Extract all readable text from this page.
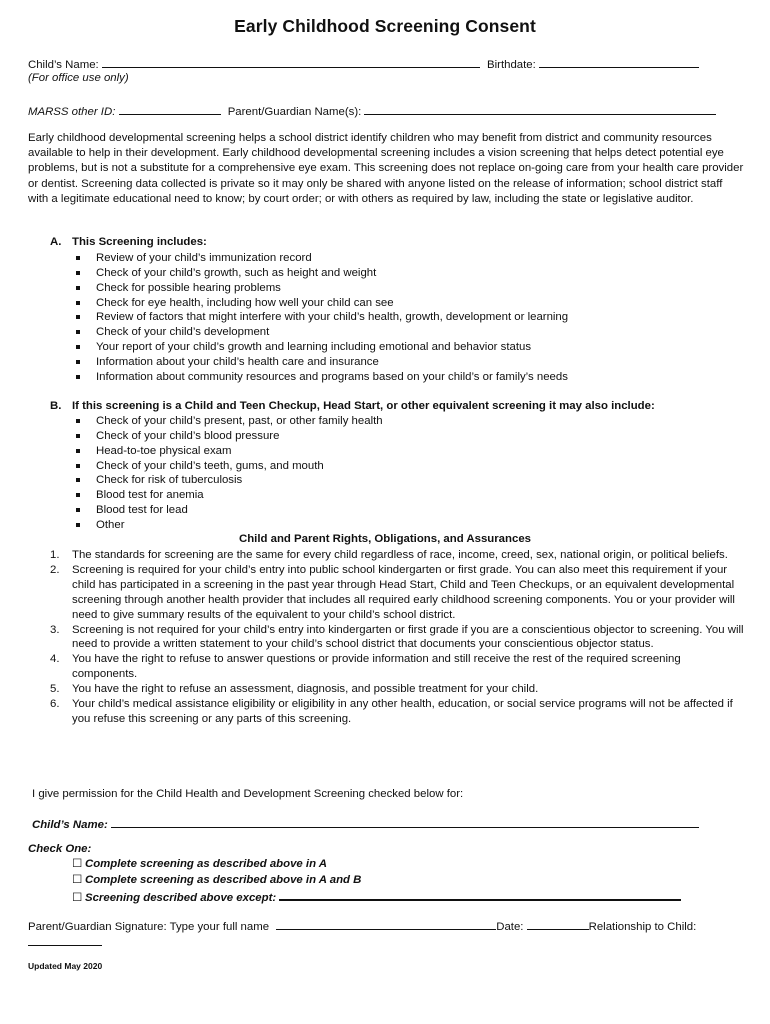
Early Childhood Screening Consent
Child’s Name:	Birthdate:
(For office use only)
MARSS other ID:	Parent/Guardian Name(s):
Early childhood developmental screening helps a school district identify children who may benefit from district and community resources available to help in their development. Early childhood developmental screening includes a vision screening that helps detect potential eye problems, but is not a substitute for a comprehensive eye exam. This screening does not replace on-going care from your health care provider or dentist. Screening data collected is private so it may only be shared with anyone listed on the release of information; school district staff with a legitimate educational need to know; by court order; or with others as required by law, including the state or legislative auditor.
A. This Screening includes:
Review of your child’s immunization record
Check of your child’s growth, such as height and weight
Check for possible hearing problems
Check for eye health, including how well your child can see
Review of factors that might interfere with your child’s health, growth, development or learning
Check of your child’s development
Your report of your child’s growth and learning including emotional and behavior status
Information about your child’s health care and insurance
Information about community resources and programs based on your child’s or family’s needs
B. If this screening is a Child and Teen Checkup, Head Start, or other equivalent screening it may also include:
Check of your child’s present, past, or other family health
Check of your child’s blood pressure
Head-to-toe physical exam
Check of your child’s teeth, gums, and mouth
Check for risk of tuberculosis
Blood test for anemia
Blood test for lead
Other
Child and Parent Rights, Obligations, and Assurances
1. The standards for screening are the same for every child regardless of race, income, creed, sex, national origin, or political beliefs.
2. Screening is required for your child’s entry into public school kindergarten or first grade. You can also meet this requirement if your child has participated in a screening in the past year through Head Start, Child and Teen Checkups, or an equivalent developmental screening through another health provider that includes all required early childhood screening components. You or your provider will need to give summary results of the equivalent to your child’s school district.
3. Screening is not required for your child’s entry into kindergarten or first grade if you are a conscientious objector to screening. You will need to provide a written statement to your child’s school district that documents your conscientious objector status.
4. You have the right to refuse to answer questions or provide information and still receive the rest of the required screening components.
5. You have the right to refuse an assessment, diagnosis, and possible treatment for your child.
6. Your child’s medical assistance eligibility or eligibility in any other health, education, or social service programs will not be affected if you refuse this screening or any parts of this screening.
I give permission for the Child Health and Development Screening checked below for:
Child’s Name:
Check One:
☐ Complete screening as described above in A
☐ Complete screening as described above in A and B
☐ Screening described above except:
Parent/Guardian Signature: Type your full name	Date:	Relationship to Child:
Updated May 2020
